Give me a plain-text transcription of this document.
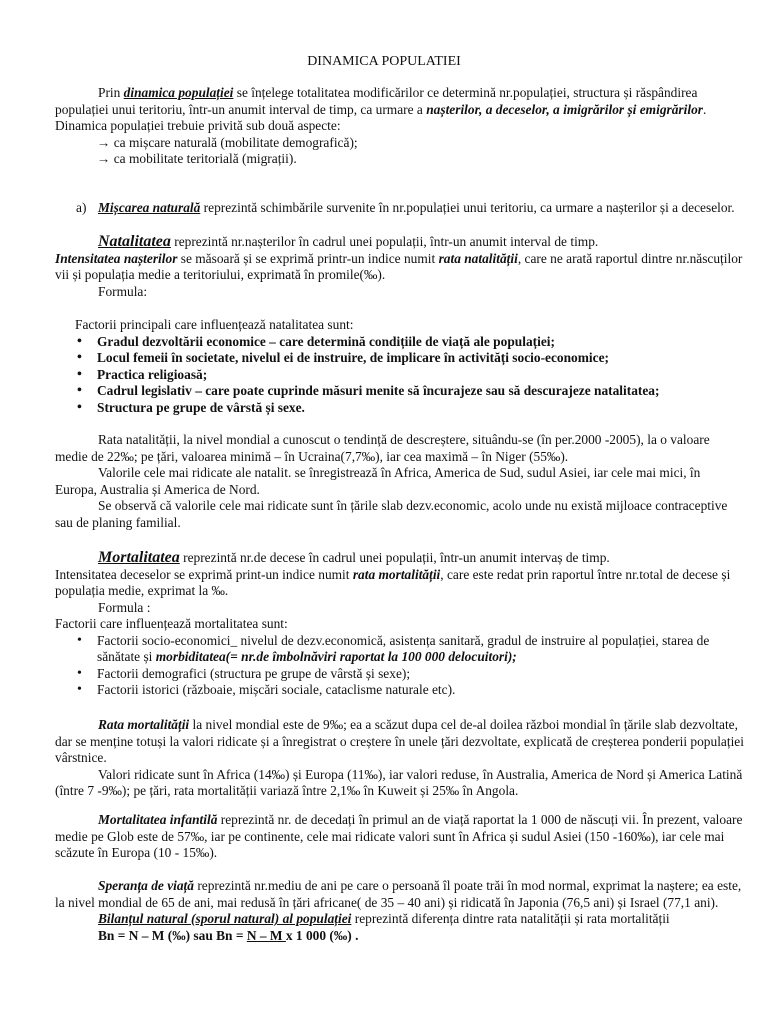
DINAMICA POPULATIEI
Prin dinamica populației se înțelege totalitatea modificărilor ce determină nr.populației, structura și răspândirea populației unui teritoriu, într-un anumit interval de timp, ca urmare a nașterilor, a deceselor, a imigrărilor și emigrărilor.
Dinamica populației trebuie privită sub două aspecte:
→ ca mișcare naturală (mobilitate demografică);
→ ca mobilitate teritorială (migrații).
a) Mișcarea naturală reprezintă schimbările survenite în nr.populației unui teritoriu, ca urmare a nașterilor și a deceselor.
Natalitatea reprezintă nr.nașterilor în cadrul unei populații, într-un anumit interval de timp.
Intensitatea nașterilor se măsoară și se exprimă printr-un indice numit rata natalității, care ne arată raportul dintre nr.născuților vii și populația medie a teritoriului, exprimată în promile(‰).
Formula:
Factorii principali care influențează natalitatea sunt:
• Gradul dezvoltării economice – care determină condițiile de viață ale populației;
• Locul femeii în societate, nivelul ei de instruire, de implicare în activități socio-economice;
• Practica religioasă;
• Cadrul legislativ – care poate cuprinde măsuri menite să încurajeze sau să descurajeze natalitatea;
• Structura pe grupe de vârstă și sexe.
Rata natalității, la nivel mondial a cunoscut o tendință de descreștere, situându-se (în per.2000 -2005), la o valoare medie de 22‰; pe țări, valoarea minimă – în Ucraina(7,7‰), iar cea maximă – în Niger (55‰).
Valorile cele mai ridicate ale natalit. se înregistrează în Africa, America de Sud, sudul Asiei, iar cele mai mici, în Europa, Australia și America de Nord.
Se observă că valorile cele mai ridicate sunt în țările slab dezv.economic, acolo unde nu există mijloace contraceptive sau de planing familial.
Mortalitatea reprezintă nr.de decese în cadrul unei populații, într-un anumit intervaș de timp.
Intensitatea deceselor se exprimă print-un indice numit rata mortalității, care este redat prin raportul între nr.total de decese și populația medie, exprimat la ‰.
Formula :
Factorii care influențează mortalitatea sunt:
• Factorii socio-economici_ nivelul de dezv.economică, asistența sanitară, gradul de instruire al populației, starea de sănătate și morbiditatea(= nr.de îmbolnăviri raportat la 100 000 delocuitori);
• Factorii demografici (structura pe grupe de vârstă și sexe);
• Factorii istorici (războaie, mișcări sociale, cataclisme naturale etc).
Rata mortalității la nivel mondial este de 9‰; ea a scăzut dupa cel de-al doilea război mondial în țările slab dezvoltate, dar se menține totuși la valori ridicate și a înregistrat o creștere în unele țări dezvoltate, explicată de creșterea ponderii populației vârstnice.
Valori ridicate sunt în Africa (14‰) și Europa (11‰), iar valori reduse, în Australia, America de Nord și America Latină (între 7 -9‰); pe țări, rata mortalității variază între 2,1‰ în Kuweit și 25‰ în Angola.
Mortalitatea infantilă reprezintă nr. de decedați în primul an de viață raportat la 1 000 de născuți vii. În prezent, valoare medie pe Glob este de 57‰, iar pe continente, cele mai ridicate valori sunt în Africa și sudul Asiei (150 -160‰), iar cele mai scăzute în Europa (10 - 15‰).
Speranța de viață reprezintă nr.mediu de ani pe care o persoană îl poate trăi în mod normal, exprimat la naștere; ea este, la nivel mondial de 65 de ani, mai redusă în țări africane( de 35 – 40 ani) și ridicată în Japonia (76,5 ani) și Israel (77,1 ani).
Bilanțul natural (sporul natural) al populației reprezintă diferența dintre rata natalității și rata mortalității
Bn = N – M (‰) sau Bn = N – M x 1 000 (‰) .
